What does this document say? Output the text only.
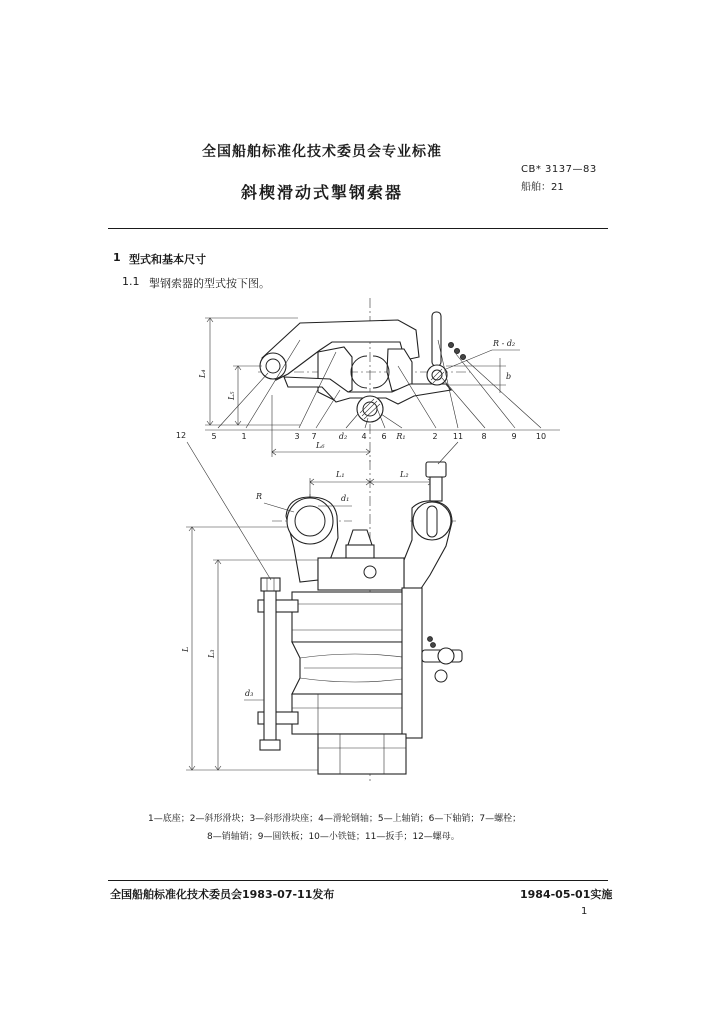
全国船舶标准化技术委员会专业标准
CB* 3137—83
船舶：21
斜楔滑动式掣钢索器
1 型式和基本尺寸
1.1 掣钢索器的型式按下图。
L₄
L₅
L₆
R - d₂
b
5	1	3 7	d₂ 4 6 R₁	2 11 8	9 10
L₁	L₂
L
L₃
d₃
12
R	d₁
1—底座；2—斜形滑块；3—斜形滑块座；4—滑轮钢轴；5—上轴销；6—下轴销；7—螺栓；
8—销轴销；9—圆铁板；10—小铁链；11—扳手；12—螺母。
全国船舶标准化技术委员会1983-07-11发布	1984-05-01实施
1
